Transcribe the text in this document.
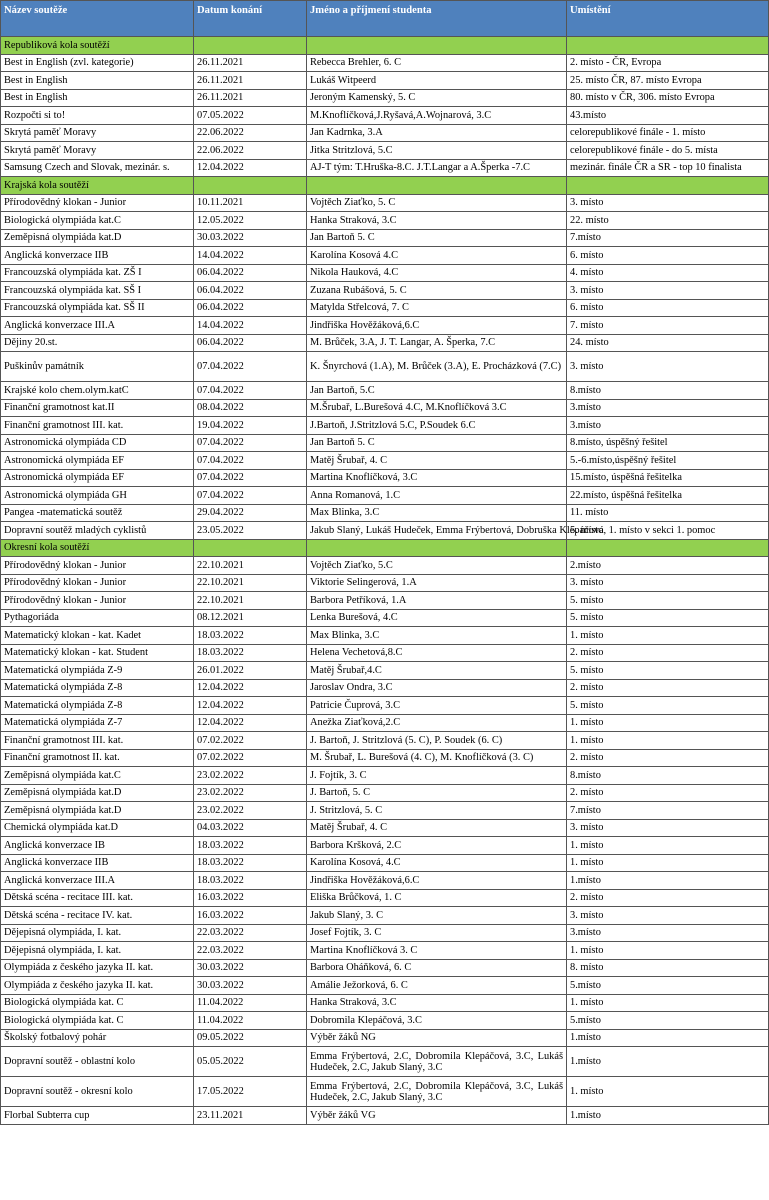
Název soutěže	Datum konání	Jméno a příjmení studenta	Umístění
Republiková kola soutěží			
Best in English (zvl. kategorie)	26.11.2021	Rebecca Brehler, 6. C	2. místo - ČR, Evropa
Best in English	26.11.2021	Lukáš Witpeerd	25. místo ČR, 87. místo Evropa
Best in English	26.11.2021	Jeroným Kamenský, 5. C	80. místo v ČR, 306. místo Evropa
Rozpočti si to!	07.05.2022	M.Knoflíčková,J.Ryšavá,A.Wojnarová, 3.C	43.místo
Skrytá paměť Moravy	22.06.2022	Jan Kadrnka, 3.A	celorepublikové finále - 1. místo
Skrytá paměť Moravy	22.06.2022	Jitka Stritzlová, 5.C	celorepublikové finále - do 5. místa
Samsung Czech and Slovak, mezinár. s.	12.04.2022	AJ-T tým: T.Hruška-8.C. J.T.Langar a A.Šperka -7.C	mezinár. finále ČR a SR - top 10 finalista
Krajská kola soutěží			
Přírodovědný klokan - Junior	10.11.2021	Vojtěch Ziaťko, 5. C	3. místo
Biologická olympiáda kat.C	12.05.2022	Hanka Straková, 3.C	22. místo
Zeměpisná olympiáda kat.D	30.03.2022	Jan Bartoň 5. C	7.místo
Anglická konverzace IIB	14.04.2022	Karolína Kosová 4.C	6. místo
Francouzská olympiáda kat. ZŠ I	06.04.2022	Nikola Hauková, 4.C	4. místo
Francouzská olympiáda kat. SŠ I	06.04.2022	Zuzana Rubášová, 5. C	3. místo
Francouzská olympiáda kat. SŠ II	06.04.2022	Matylda Střelcová, 7. C	6. místo
Anglická konverzace III.A	14.04.2022	Jindřiška Hověžáková,6.C	7. místo
Dějiny 20.st.	06.04.2022	M. Brůček, 3.A, J. T. Langar, A. Šperka, 7.C	24. místo
Puškinův památník	07.04.2022	K. Šnyrchová (1.A), M. Brůček (3.A), E. Procházková (7.C)	3. místo
Krajské kolo chem.olym.katC	07.04.2022	Jan Bartoň, 5.C	8.místo
Finanční gramotnost kat.II	08.04.2022	M.Šrubař, L.Burešová 4.C, M.Knoflíčková 3.C	3.místo
Finanční gramotnost III. kat.	19.04.2022	J.Bartoň, J.Stritzlová 5.C, P.Soudek 6.C	3.místo
Astronomická olympiáda CD	07.04.2022	Jan Bartoň 5. C	8.místo, úspěšný řešitel
Astronomická olympiáda EF	07.04.2022	Matěj Šrubař, 4. C	5.-6.místo,úspěšný řešitel
Astronomická olympiáda EF	07.04.2022	Martina Knoflíčková, 3.C	15.místo, úspěšná řešitelka
Astronomická olympiáda GH	07.04.2022	Anna Romanová, 1.C	22.místo, úspěšná řešitelka
Pangea -matematická soutěž	29.04.2022	Max Blinka, 3.C	11. místo
Dopravní soutěž mladých cyklistů	23.05.2022	Jakub Slaný, Lukáš Hudeček, Emma Frýbertová, Dobruška Klepáčová	5. místo, 1. místo v sekci 1. pomoc
Okresní kola soutěží			
Přírodovědný klokan - Junior	22.10.2021	Vojtěch Ziaťko, 5.C	2.místo
Přírodovědný klokan - Junior	22.10.2021	Viktorie Selingerová, 1.A	3. místo
Přírodovědný klokan - Junior	22.10.2021	Barbora Petříková, 1.A	5. místo
Pythagoriáda	08.12.2021	Lenka Burešová, 4.C	5. místo
Matematický klokan - kat. Kadet	18.03.2022	Max Blinka, 3.C	1. místo
Matematický klokan - kat. Student	18.03.2022	Helena Vechetová,8.C	2. místo
Matematická olympiáda Z-9	26.01.2022	Matěj Šrubař,4.C	5. místo
Matematická olympiáda Z-8	12.04.2022	Jaroslav Ondra, 3.C	2. místo
Matematická olympiáda Z-8	12.04.2022	Patricie Čuprová, 3.C	5. místo
Matematická olympiáda Z-7	12.04.2022	Anežka Ziaťková,2.C	1. místo
Finanční gramotnost III. kat.	07.02.2022	J. Bartoň, J. Stritzlová (5. C), P. Soudek (6. C)	1. místo
Finanční gramotnost II. kat.	07.02.2022	M. Šrubař, L. Burešová (4. C), M. Knoflíčková (3. C)	2. místo
Zeměpisná olympiáda kat.C	23.02.2022	J. Fojtík, 3. C	8.místo
Zeměpisná olympiáda kat.D	23.02.2022	J. Bartoň, 5. C	2. místo
Zeměpisná olympiáda kat.D	23.02.2022	J. Stritzlová, 5. C	7.místo
Chemická olympiáda kat.D	04.03.2022	Matěj Šrubař, 4. C	3. místo
Anglická konverzace IB	18.03.2022	Barbora Kršková, 2.C	1. místo
Anglická konverzace IIB	18.03.2022	Karolína Kosová, 4.C	1. místo
Anglická konverzace III.A	18.03.2022	Jindřiška Hověžáková,6.C	1.místo
Dětská scéna - recitace III. kat.	16.03.2022	Eliška Brůčková, 1. C	2. místo
Dětská scéna - recitace IV. kat.	16.03.2022	Jakub Slaný, 3. C	3. místo
Dějepisná olympiáda, I. kat.	22.03.2022	Josef Fojtík, 3. C	3.místo
Dějepisná olympiáda, I. kat.	22.03.2022	Martina Knoflíčková 3. C	1. místo
Olympiáda z českého jazyka II. kat.	30.03.2022	Barbora Oháňková, 6. C	8. místo
Olympiáda z českého jazyka II. kat.	30.03.2022	Amálie Ježorková, 6. C	5.místo
Biologická olympiáda kat. C	11.04.2022	Hanka Straková, 3.C	1. místo
Biologická olympiáda kat. C	11.04.2022	Dobromila Klepáčová, 3.C	5.místo
Školský fotbalový pohár	09.05.2022	Výběr žáků NG	1.místo
Dopravní soutěž - oblastní kolo	05.05.2022	Emma Frýbertová, 2.C, Dobromila Klepáčová, 3.C, Lukáš Hudeček, 2.C, Jakub Slaný, 3.C	1.místo
Dopravní soutěž - okresní kolo	17.05.2022	Emma Frýbertová, 2.C, Dobromila Klepáčová, 3.C, Lukáš Hudeček, 2.C, Jakub Slaný, 3.C	1. místo
Florbal Subterra cup	23.11.2021	Výběr žáků VG	1.místo
